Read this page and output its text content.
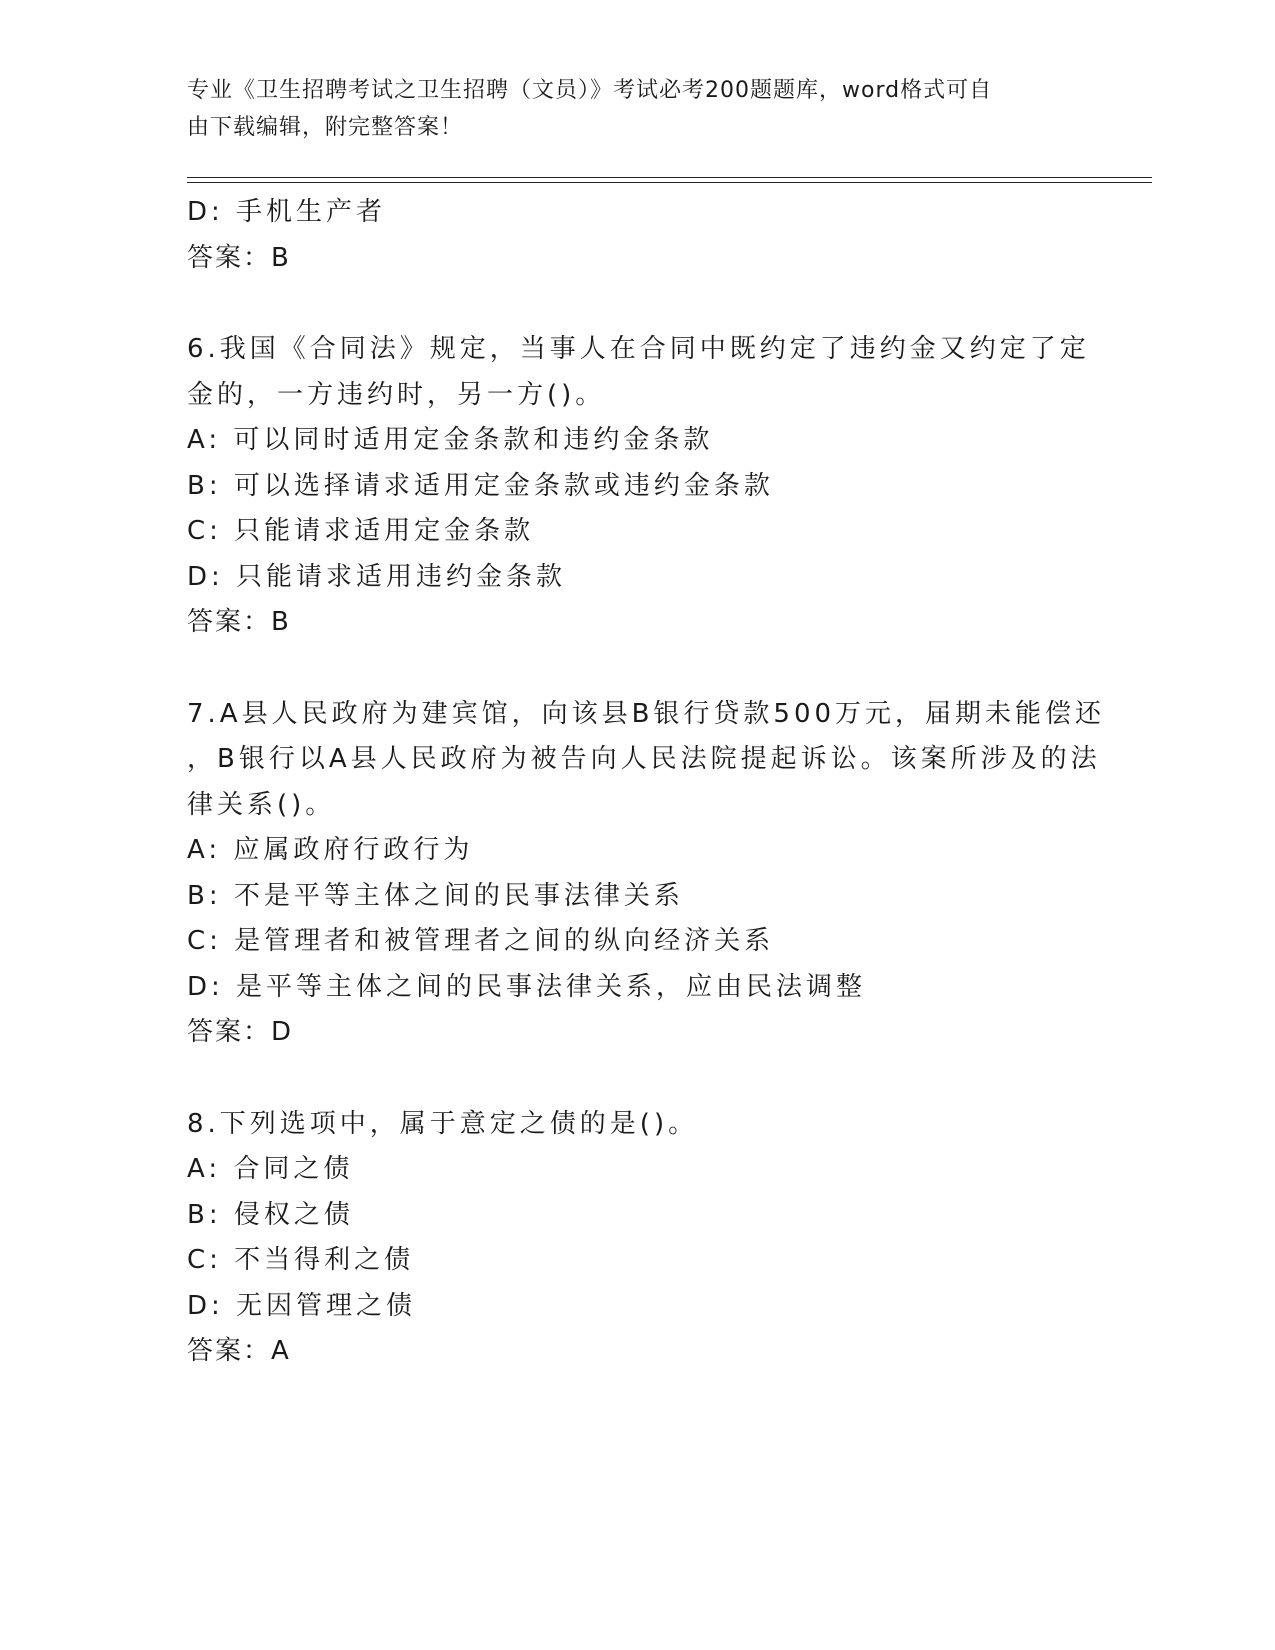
专业《卫生招聘考试之卫生招聘（文员）》考试必考200题题库，word格式可自
由下载编辑，附完整答案！
D: 手机生产者
答案：B
6.我国《合同法》规定，当事人在合同中既约定了违约金又约定了定
金的，一方违约时，另一方()。
A: 可以同时适用定金条款和违约金条款
B: 可以选择请求适用定金条款或违约金条款
C: 只能请求适用定金条款
D: 只能请求适用违约金条款
答案：B
7.A县人民政府为建宾馆，向该县B银行贷款500万元，届期未能偿还
，B银行以A县人民政府为被告向人民法院提起诉讼。该案所涉及的法
律关系()。
A: 应属政府行政行为
B: 不是平等主体之间的民事法律关系
C: 是管理者和被管理者之间的纵向经济关系
D: 是平等主体之间的民事法律关系，应由民法调整
答案：D
8.下列选项中，属于意定之债的是()。
A: 合同之债
B: 侵权之债
C: 不当得利之债
D: 无因管理之债
答案：A
